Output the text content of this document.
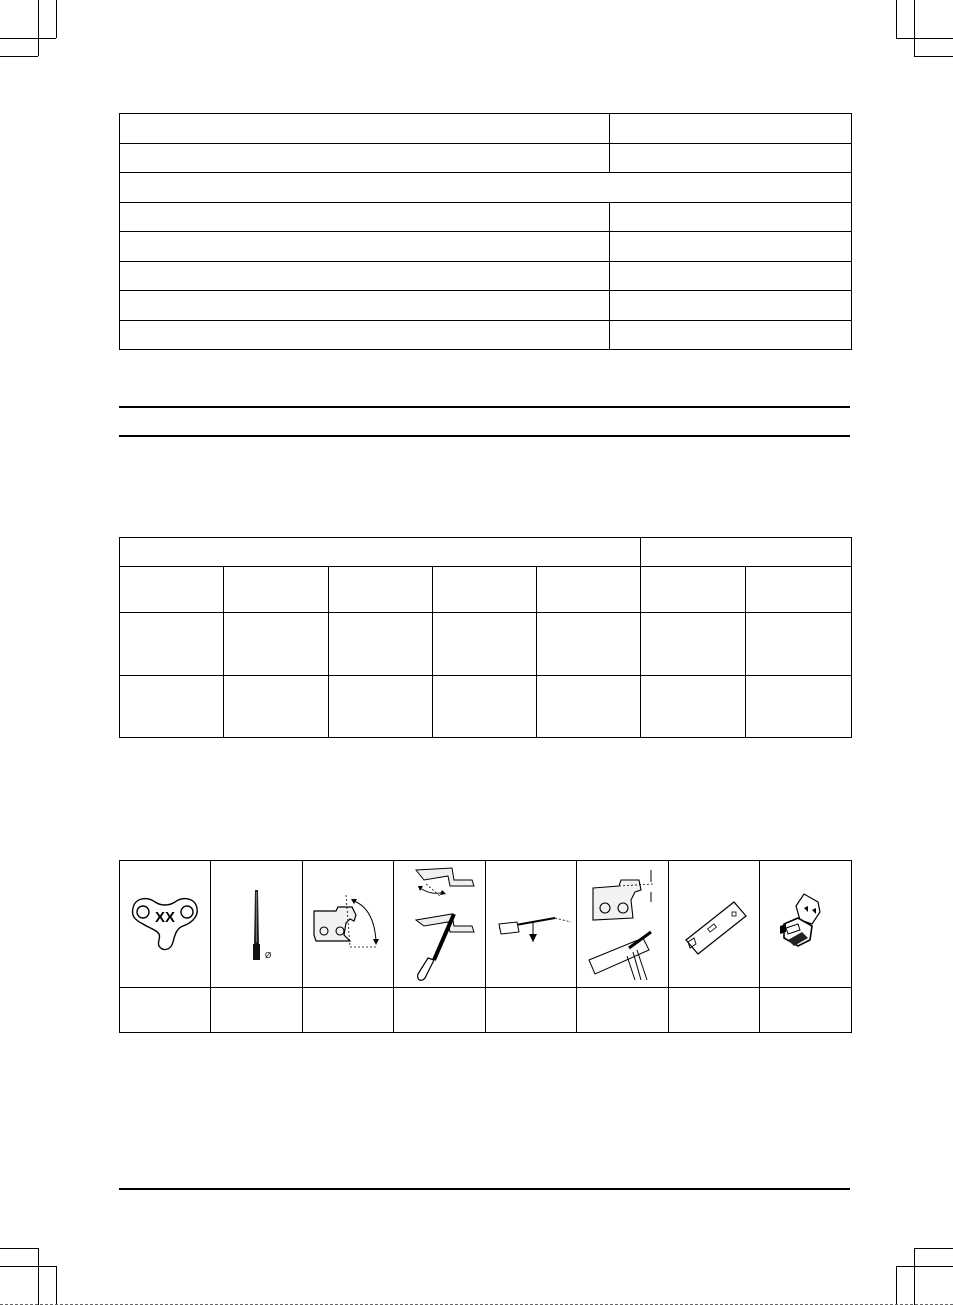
XX	Ø
